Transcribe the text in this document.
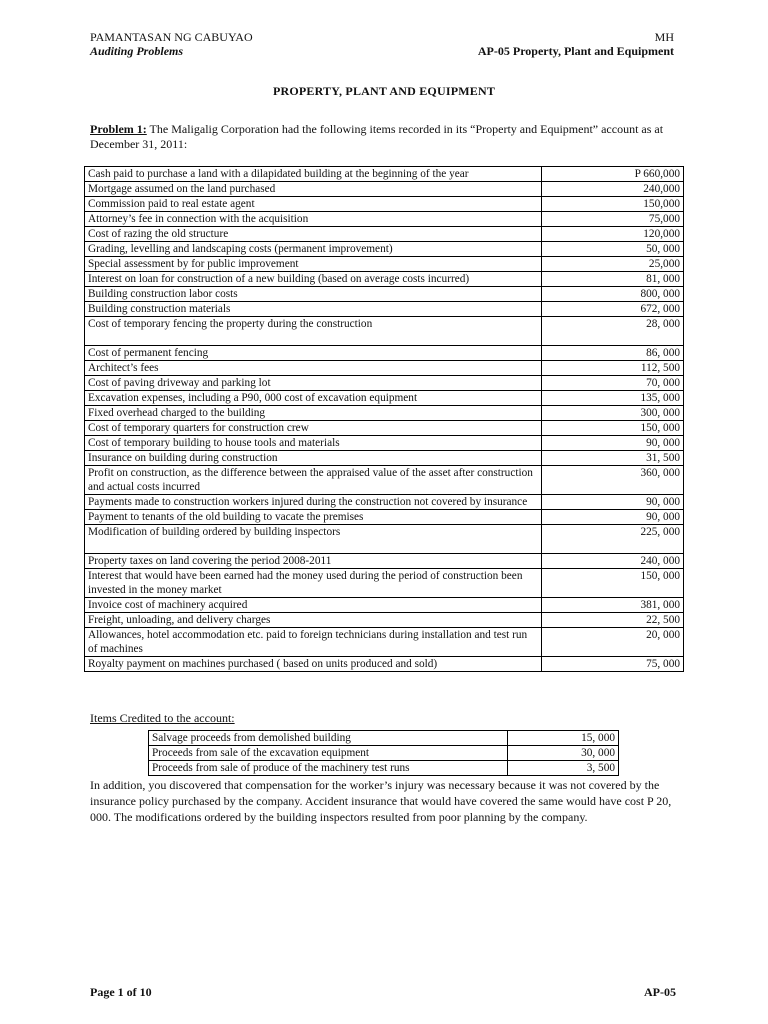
PAMANTASAN NG CABUYAO
Auditing Problems
MH
AP-05 Property, Plant and Equipment
PROPERTY, PLANT AND EQUIPMENT
Problem 1: The Maligalig Corporation had the following items recorded in its “Property and Equipment” account as at December 31, 2011:
Cash paid to purchase a land with a dilapidated building at the beginning of the year	P 660,000
Mortgage assumed on the land purchased	240,000
Commission paid to real estate agent	150,000
Attorney’s fee in connection with the acquisition	75,000
Cost of razing the old structure	120,000
Grading, levelling and landscaping costs (permanent improvement)	50, 000
Special assessment by for public improvement	25,000
Interest on loan for construction of a new building (based on average costs incurred)	81, 000
Building construction labor costs	800, 000
Building construction materials	672, 000
Cost of temporary fencing the property during the construction	28, 000
Cost of permanent fencing	86, 000
Architect’s fees	112, 500
Cost of paving driveway and parking lot	70, 000
Excavation expenses, including a P90, 000 cost of excavation equipment	135, 000
Fixed overhead charged to the building	300, 000
Cost of temporary quarters for construction crew	150, 000
Cost of temporary building to house tools and materials	90, 000
Insurance on building during construction	31, 500
Profit on construction, as the difference between the appraised value of the asset after construction and actual costs incurred	360, 000
Payments made to construction workers injured during the construction not covered by insurance	90, 000
Payment to tenants of the old building to vacate the premises	90, 000
Modification of building ordered by building inspectors	225, 000
Property taxes on land covering the period 2008-2011	240, 000
Interest that would have been earned had the money used during the period of construction been invested in the money market	150, 000
Invoice cost of machinery acquired	381, 000
Freight, unloading, and delivery charges	22, 500
Allowances, hotel accommodation etc. paid to foreign technicians during installation and test run of machines	20, 000
Royalty payment on machines purchased ( based on units produced and sold)	75, 000
Items Credited to the account:
Salvage proceeds from demolished building	15, 000
Proceeds from sale of the excavation equipment	30, 000
Proceeds from sale of produce of the machinery test runs	3, 500
In addition, you discovered that compensation for the worker’s injury was necessary because it was not covered by the insurance policy purchased by the company. Accident insurance that would have covered the same would have cost P 20, 000. The modifications ordered by the building inspectors resulted from poor planning by the company.
Page 1 of 10	AP-05
